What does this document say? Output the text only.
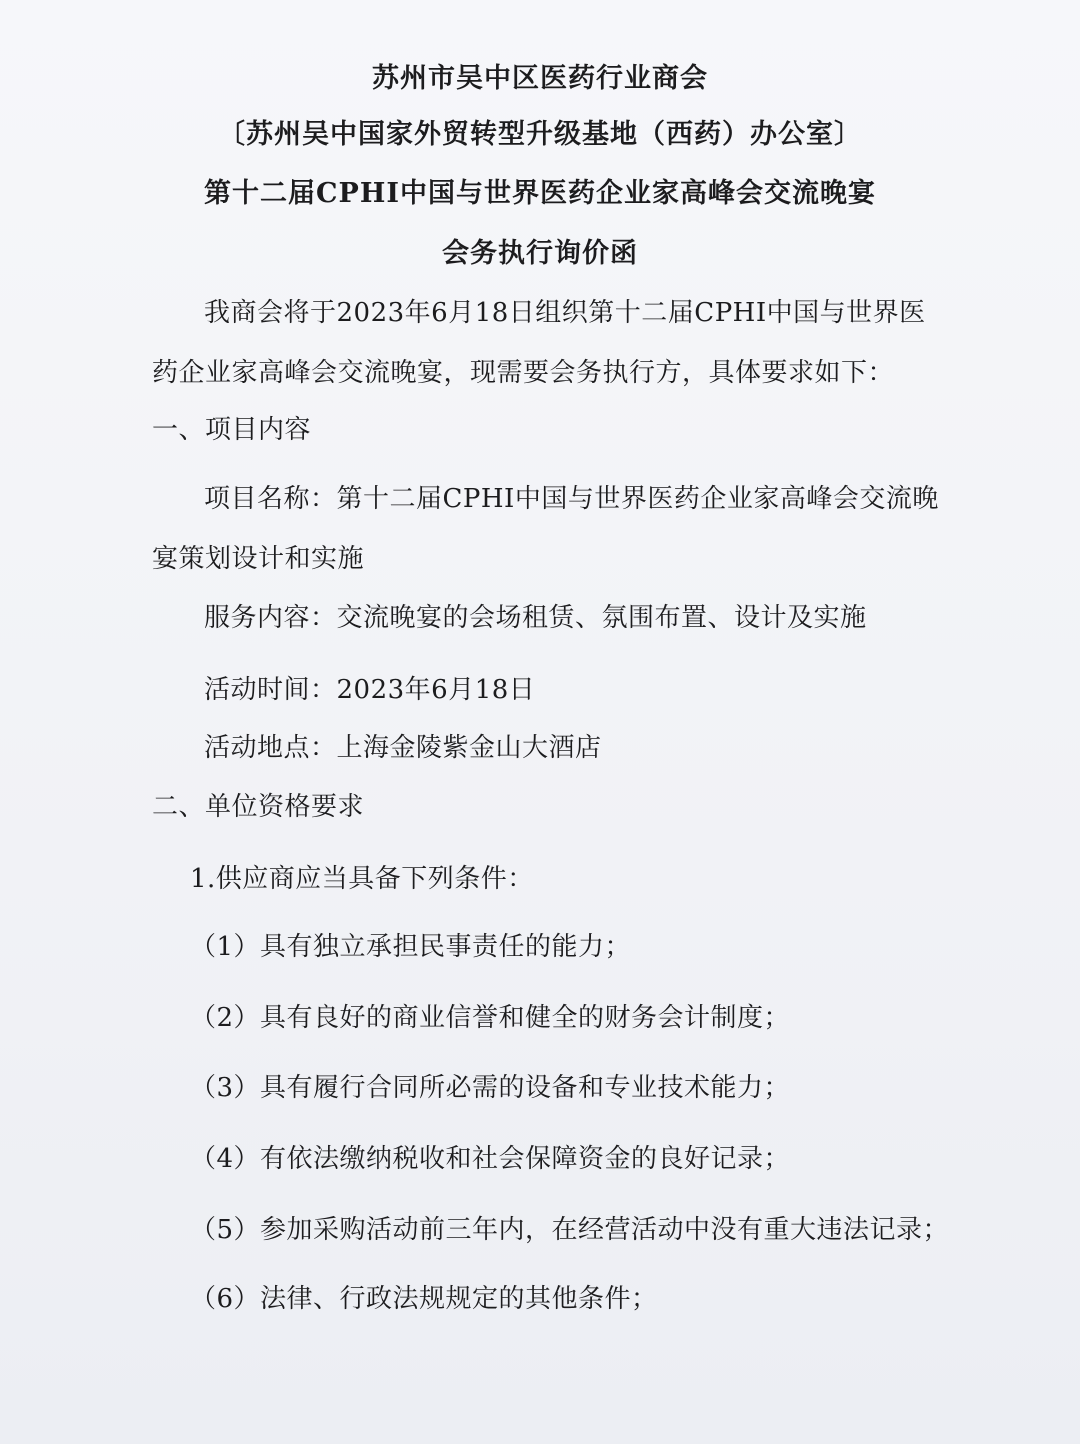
苏州市吴中区医药行业商会
〔苏州吴中国家外贸转型升级基地（西药）办公室〕
第十二届CPHI中国与世界医药企业家高峰会交流晚宴
会务执行询价函
我商会将于2023年6月18日组织第十二届CPHI中国与世界医
药企业家高峰会交流晚宴，现需要会务执行方，具体要求如下：
一、项目内容
项目名称：第十二届CPHI中国与世界医药企业家高峰会交流晚
宴策划设计和实施
服务内容：交流晚宴的会场租赁、氛围布置、设计及实施
活动时间：2023年6月18日
活动地点：上海金陵紫金山大酒店
二、单位资格要求
1.供应商应当具备下列条件：
（1）具有独立承担民事责任的能力；
（2）具有良好的商业信誉和健全的财务会计制度；
（3）具有履行合同所必需的设备和专业技术能力；
（4）有依法缴纳税收和社会保障资金的良好记录；
（5）参加采购活动前三年内，在经营活动中没有重大违法记录；
（6）法律、行政法规规定的其他条件；
